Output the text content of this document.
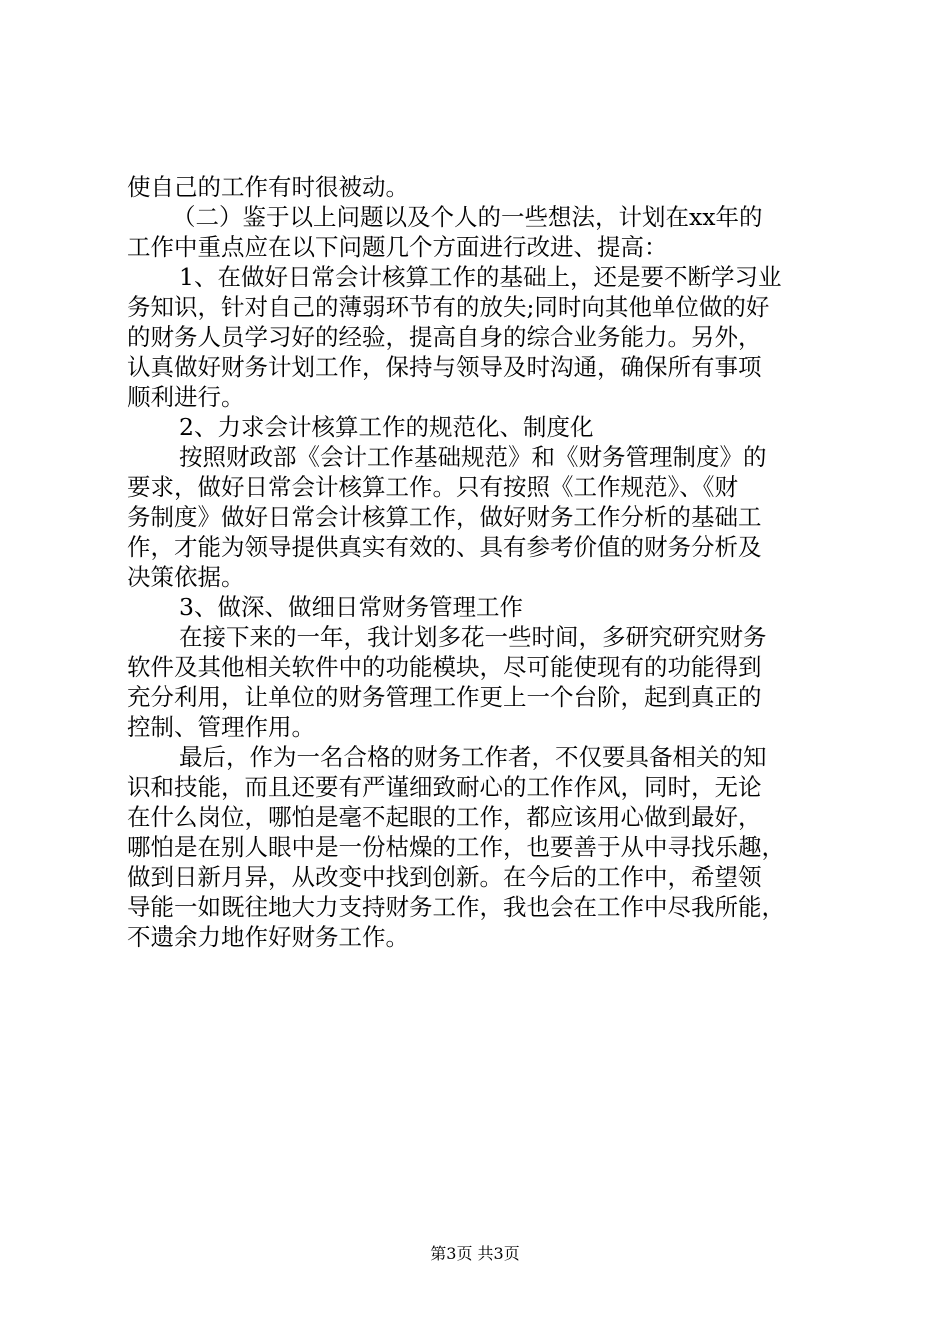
使自己的工作有时很被动。
（二）鉴于以上问题以及个人的一些想法，计划在xx年的
工作中重点应在以下问题几个方面进行改进、提高：
1、在做好日常会计核算工作的基础上，还是要不断学习业
务知识，针对自己的薄弱环节有的放失;同时向其他单位做的好
的财务人员学习好的经验，提高自身的综合业务能力。另外，
认真做好财务计划工作，保持与领导及时沟通，确保所有事项
顺利进行。
2、力求会计核算工作的规范化、制度化
按照财政部《会计工作基础规范》和《财务管理制度》的
要求，做好日常会计核算工作。只有按照《工作规范》、《财
务制度》做好日常会计核算工作，做好财务工作分析的基础工
作，才能为领导提供真实有效的、具有参考价值的财务分析及
决策依据。
3、做深、做细日常财务管理工作
在接下来的一年，我计划多花一些时间，多研究研究财务
软件及其他相关软件中的功能模块，尽可能使现有的功能得到
充分利用，让单位的财务管理工作更上一个台阶，起到真正的
控制、管理作用。
最后，作为一名合格的财务工作者，不仅要具备相关的知
识和技能，而且还要有严谨细致耐心的工作作风，同时，无论
在什么岗位，哪怕是毫不起眼的工作，都应该用心做到最好，
哪怕是在别人眼中是一份枯燥的工作，也要善于从中寻找乐趣，
做到日新月异，从改变中找到创新。在今后的工作中，希望领
导能一如既往地大力支持财务工作，我也会在工作中尽我所能，
不遗余力地作好财务工作。
第3页 共3页
